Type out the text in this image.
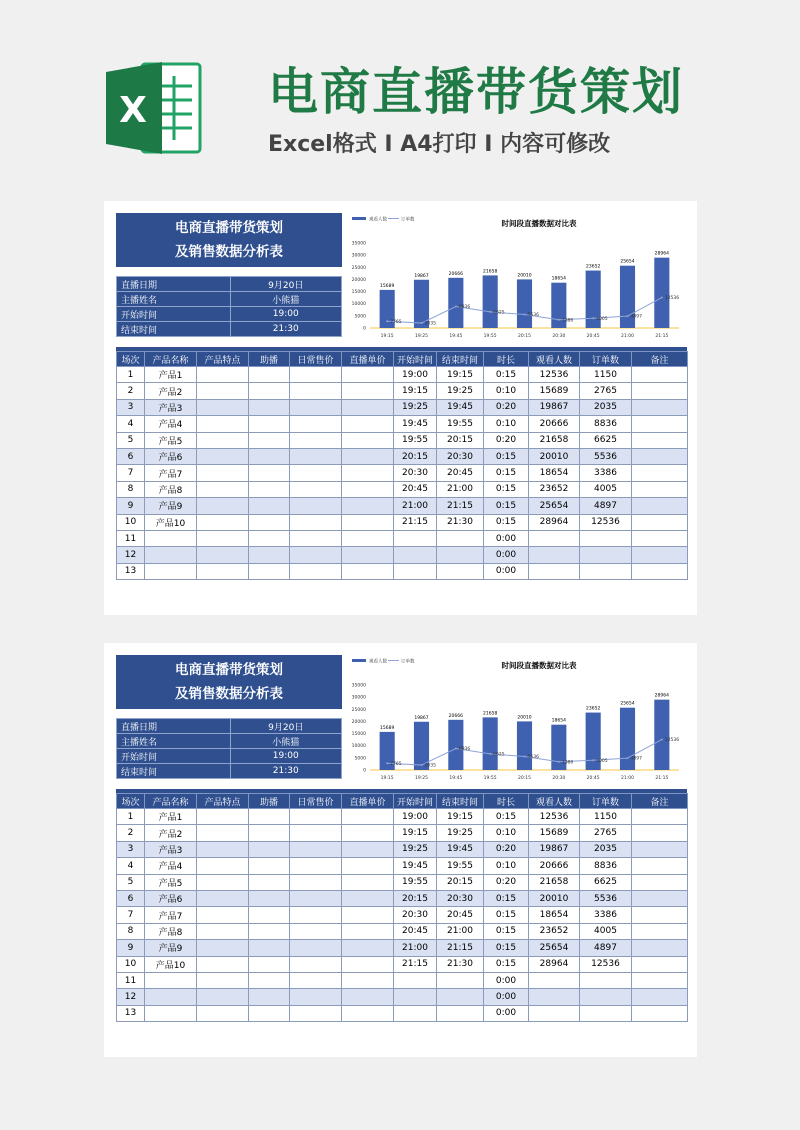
X 电商直播带货策划
Excel格式 I A4打印 I 内容可修改
电商直播带货策划
及销售数据分析表
直播日期	9月20日
主播姓名	小熊猫
开始时间	19:00
结束时间	21:30
时间段直播数据对比表
观看人数	订单数
35000
30000
25000
20000
15000
10000
5000
0
15689
19:15
19867
19:25
20666
19:45
21658
19:55
20010
20:15
18654
20:30
23652
20:45
25654
21:00
28964
21:15
2765	2035
8836
6625
5536
3386	4005	4897
12536
场次	产品名称	产品特点	助播	日常售价	直播单价	开始时间	结束时间	时长	观看人数	订单数	备注
1	产品1					19:00	19:15	0:15	12536	1150	
2	产品2					19:15	19:25	0:10	15689	2765	
3	产品3					19:25	19:45	0:20	19867	2035	
4	产品4					19:45	19:55	0:10	20666	8836	
5	产品5					19:55	20:15	0:20	21658	6625	
6	产品6					20:15	20:30	0:15	20010	5536	
7	产品7					20:30	20:45	0:15	18654	3386	
8	产品8					20:45	21:00	0:15	23652	4005	
9	产品9					21:00	21:15	0:15	25654	4897	
10	产品10					21:15	21:30	0:15	28964	12536	
11								0:00			
12								0:00			
13								0:00			
电商直播带货策划
及销售数据分析表
直播日期	9月20日
主播姓名	小熊猫
开始时间	19:00
结束时间	21:30
时间段直播数据对比表
观看人数	订单数
35000
30000
25000
20000
15000
10000
5000
0
15689
19:15
19867
19:25
20666
19:45
21658
19:55
20010
20:15
18654
20:30
23652
20:45
25654
21:00
28964
21:15
2765	2035
8836
6625
5536
3386	4005	4897
12536
场次	产品名称	产品特点	助播	日常售价	直播单价	开始时间	结束时间	时长	观看人数	订单数	备注
1	产品1					19:00	19:15	0:15	12536	1150	
2	产品2					19:15	19:25	0:10	15689	2765	
3	产品3					19:25	19:45	0:20	19867	2035	
4	产品4					19:45	19:55	0:10	20666	8836	
5	产品5					19:55	20:15	0:20	21658	6625	
6	产品6					20:15	20:30	0:15	20010	5536	
7	产品7					20:30	20:45	0:15	18654	3386	
8	产品8					20:45	21:00	0:15	23652	4005	
9	产品9					21:00	21:15	0:15	25654	4897	
10	产品10					21:15	21:30	0:15	28964	12536	
11								0:00			
12								0:00			
13								0:00			
